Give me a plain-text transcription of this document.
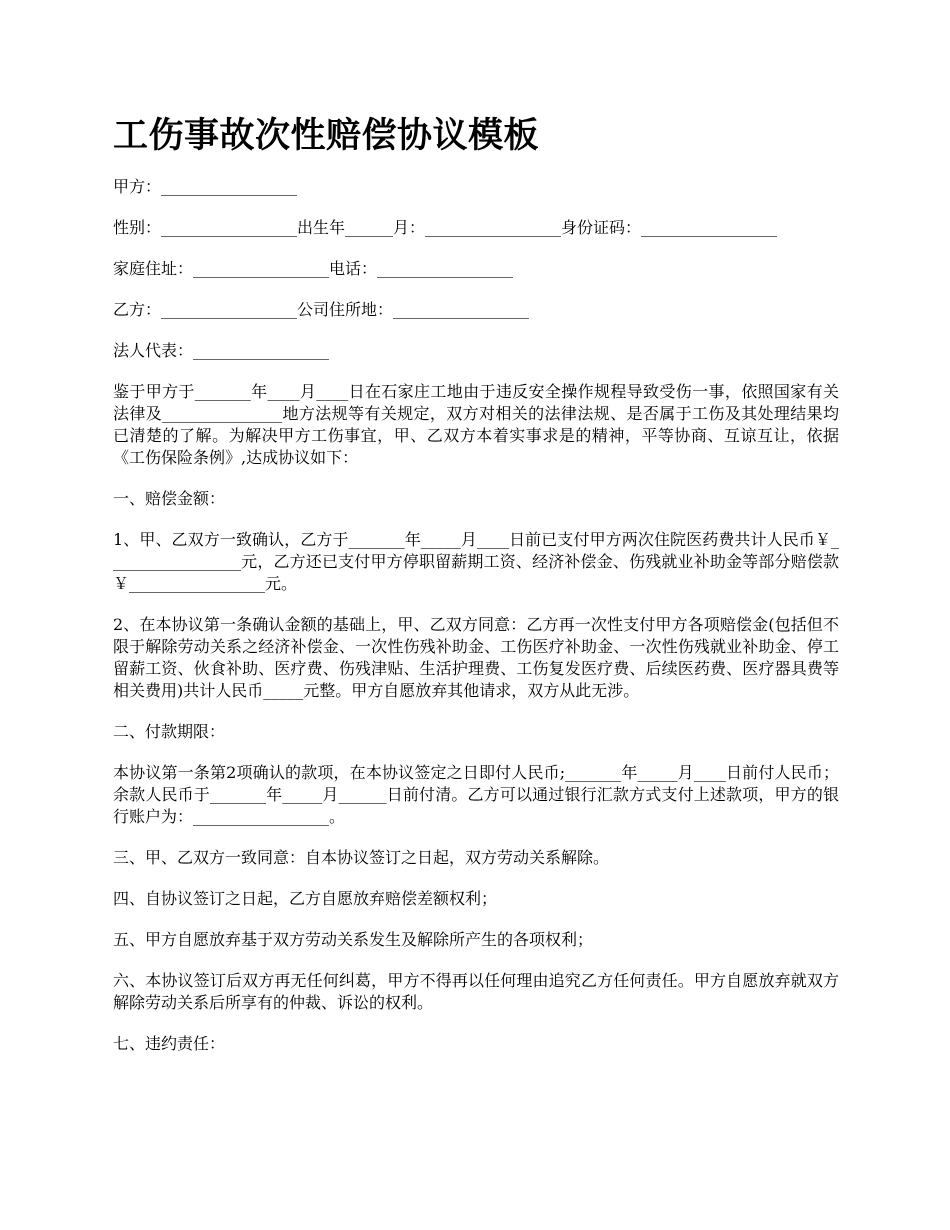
工伤事故次性赔偿协议模板

甲方：_________________

性别：_________________出生年______月：_________________身份证码：_________________

家庭住址：_________________电话：_________________

乙方：_________________公司住所地：_________________

法人代表：_________________

鉴于甲方于_______年____月____日在石家庄工地由于违反安全操作规程导致受伤一事，依照国家有关法律及_______________地方法规等有关规定，双方对相关的法律法规、是否属于工伤及其处理结果均已清楚的了解。为解决甲方工伤事宜，甲、乙双方本着实事求是的精神，平等协商、互谅互让，依据《工伤保险条例》,达成协议如下：

一、赔偿金额：

1、甲、乙双方一致确认，乙方于_______年_____月____日前已支付甲方两次住院医药费共计人民币￥_________________元，乙方还已支付甲方停职留薪期工资、经济补偿金、伤残就业补助金等部分赔偿款￥_________________元。

2、在本协议第一条确认金额的基础上，甲、乙双方同意：乙方再一次性支付甲方各项赔偿金(包括但不限于解除劳动关系之经济补偿金、一次性伤残补助金、工伤医疗补助金、一次性伤残就业补助金、停工留薪工资、伙食补助、医疗费、伤残津贴、生活护理费、工伤复发医疗费、后续医药费、医疗器具费等相关费用)共计人民币_____元整。甲方自愿放弃其他请求，双方从此无涉。

二、付款期限：

本协议第一条第2项确认的款项，在本协议签定之日即付人民币;_______年_____月____日前付人民币；余款人民币于_______年_____月______日前付清。乙方可以通过银行汇款方式支付上述款项，甲方的银行账户为：_________________。

三、甲、乙双方一致同意：自本协议签订之日起，双方劳动关系解除。

四、自协议签订之日起，乙方自愿放弃赔偿差额权利；

五、甲方自愿放弃基于双方劳动关系发生及解除所产生的各项权利；

六、本协议签订后双方再无任何纠葛，甲方不得再以任何理由追究乙方任何责任。甲方自愿放弃就双方解除劳动关系后所享有的仲裁、诉讼的权利。

七、违约责任：
